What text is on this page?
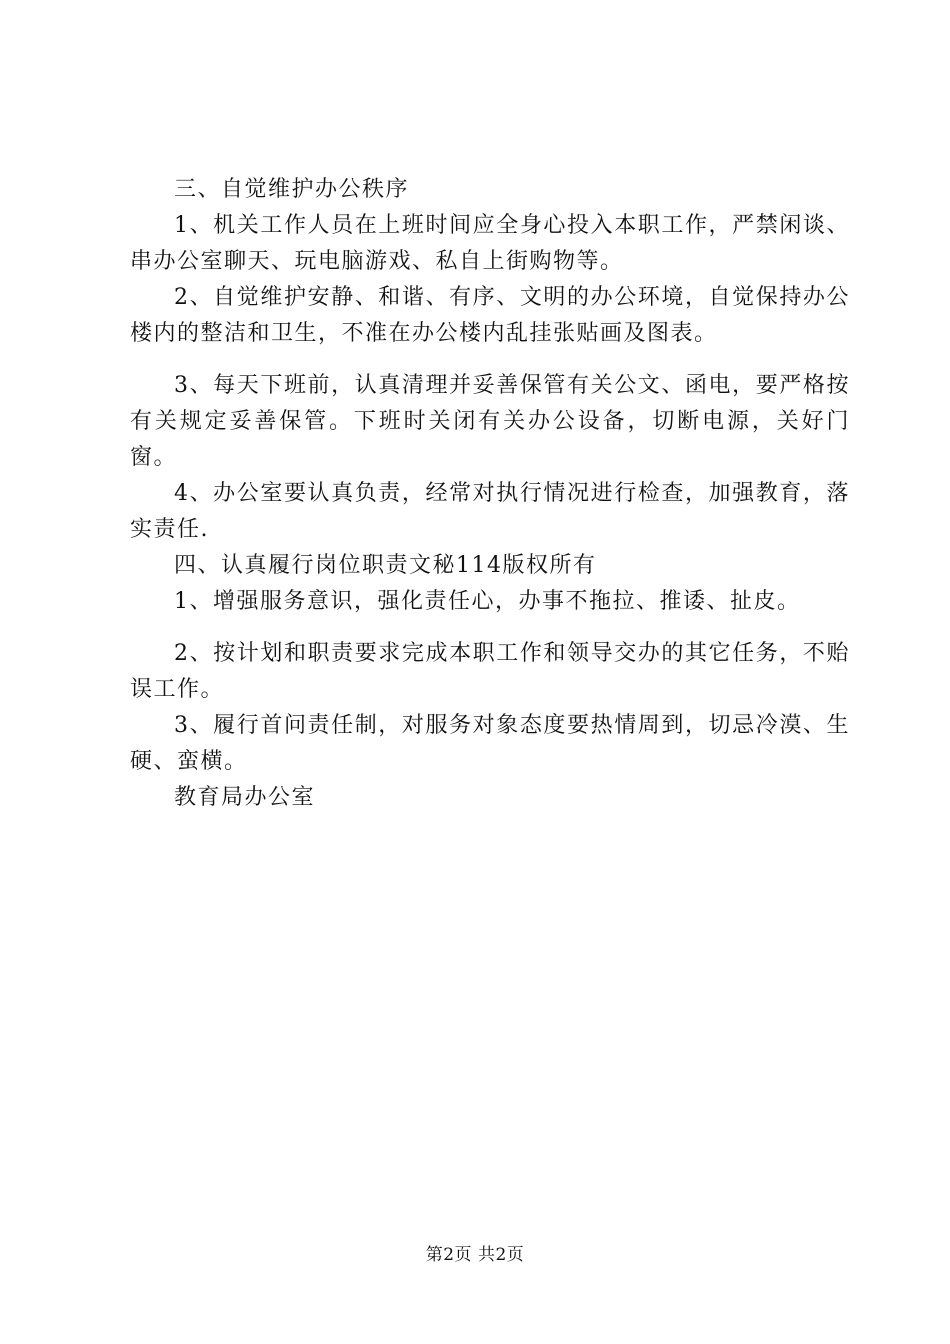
三、自觉维护办公秩序

1、机关工作人员在上班时间应全身心投入本职工作，严禁闲谈、串办公室聊天、玩电脑游戏、私自上街购物等。

2、自觉维护安静、和谐、有序、文明的办公环境，自觉保持办公楼内的整洁和卫生，不准在办公楼内乱挂张贴画及图表。

3、每天下班前，认真清理并妥善保管有关公文、函电，要严格按有关规定妥善保管。下班时关闭有关办公设备，切断电源，关好门窗。

4、办公室要认真负责，经常对执行情况进行检查，加强教育，落实责任.

四、认真履行岗位职责文秘114版权所有

1、增强服务意识，强化责任心，办事不拖拉、推诿、扯皮。

2、按计划和职责要求完成本职工作和领导交办的其它任务，不贻误工作。

3、履行首问责任制，对服务对象态度要热情周到，切忌冷漠、生硬、蛮横。

教育局办公室

第2页 共2页
